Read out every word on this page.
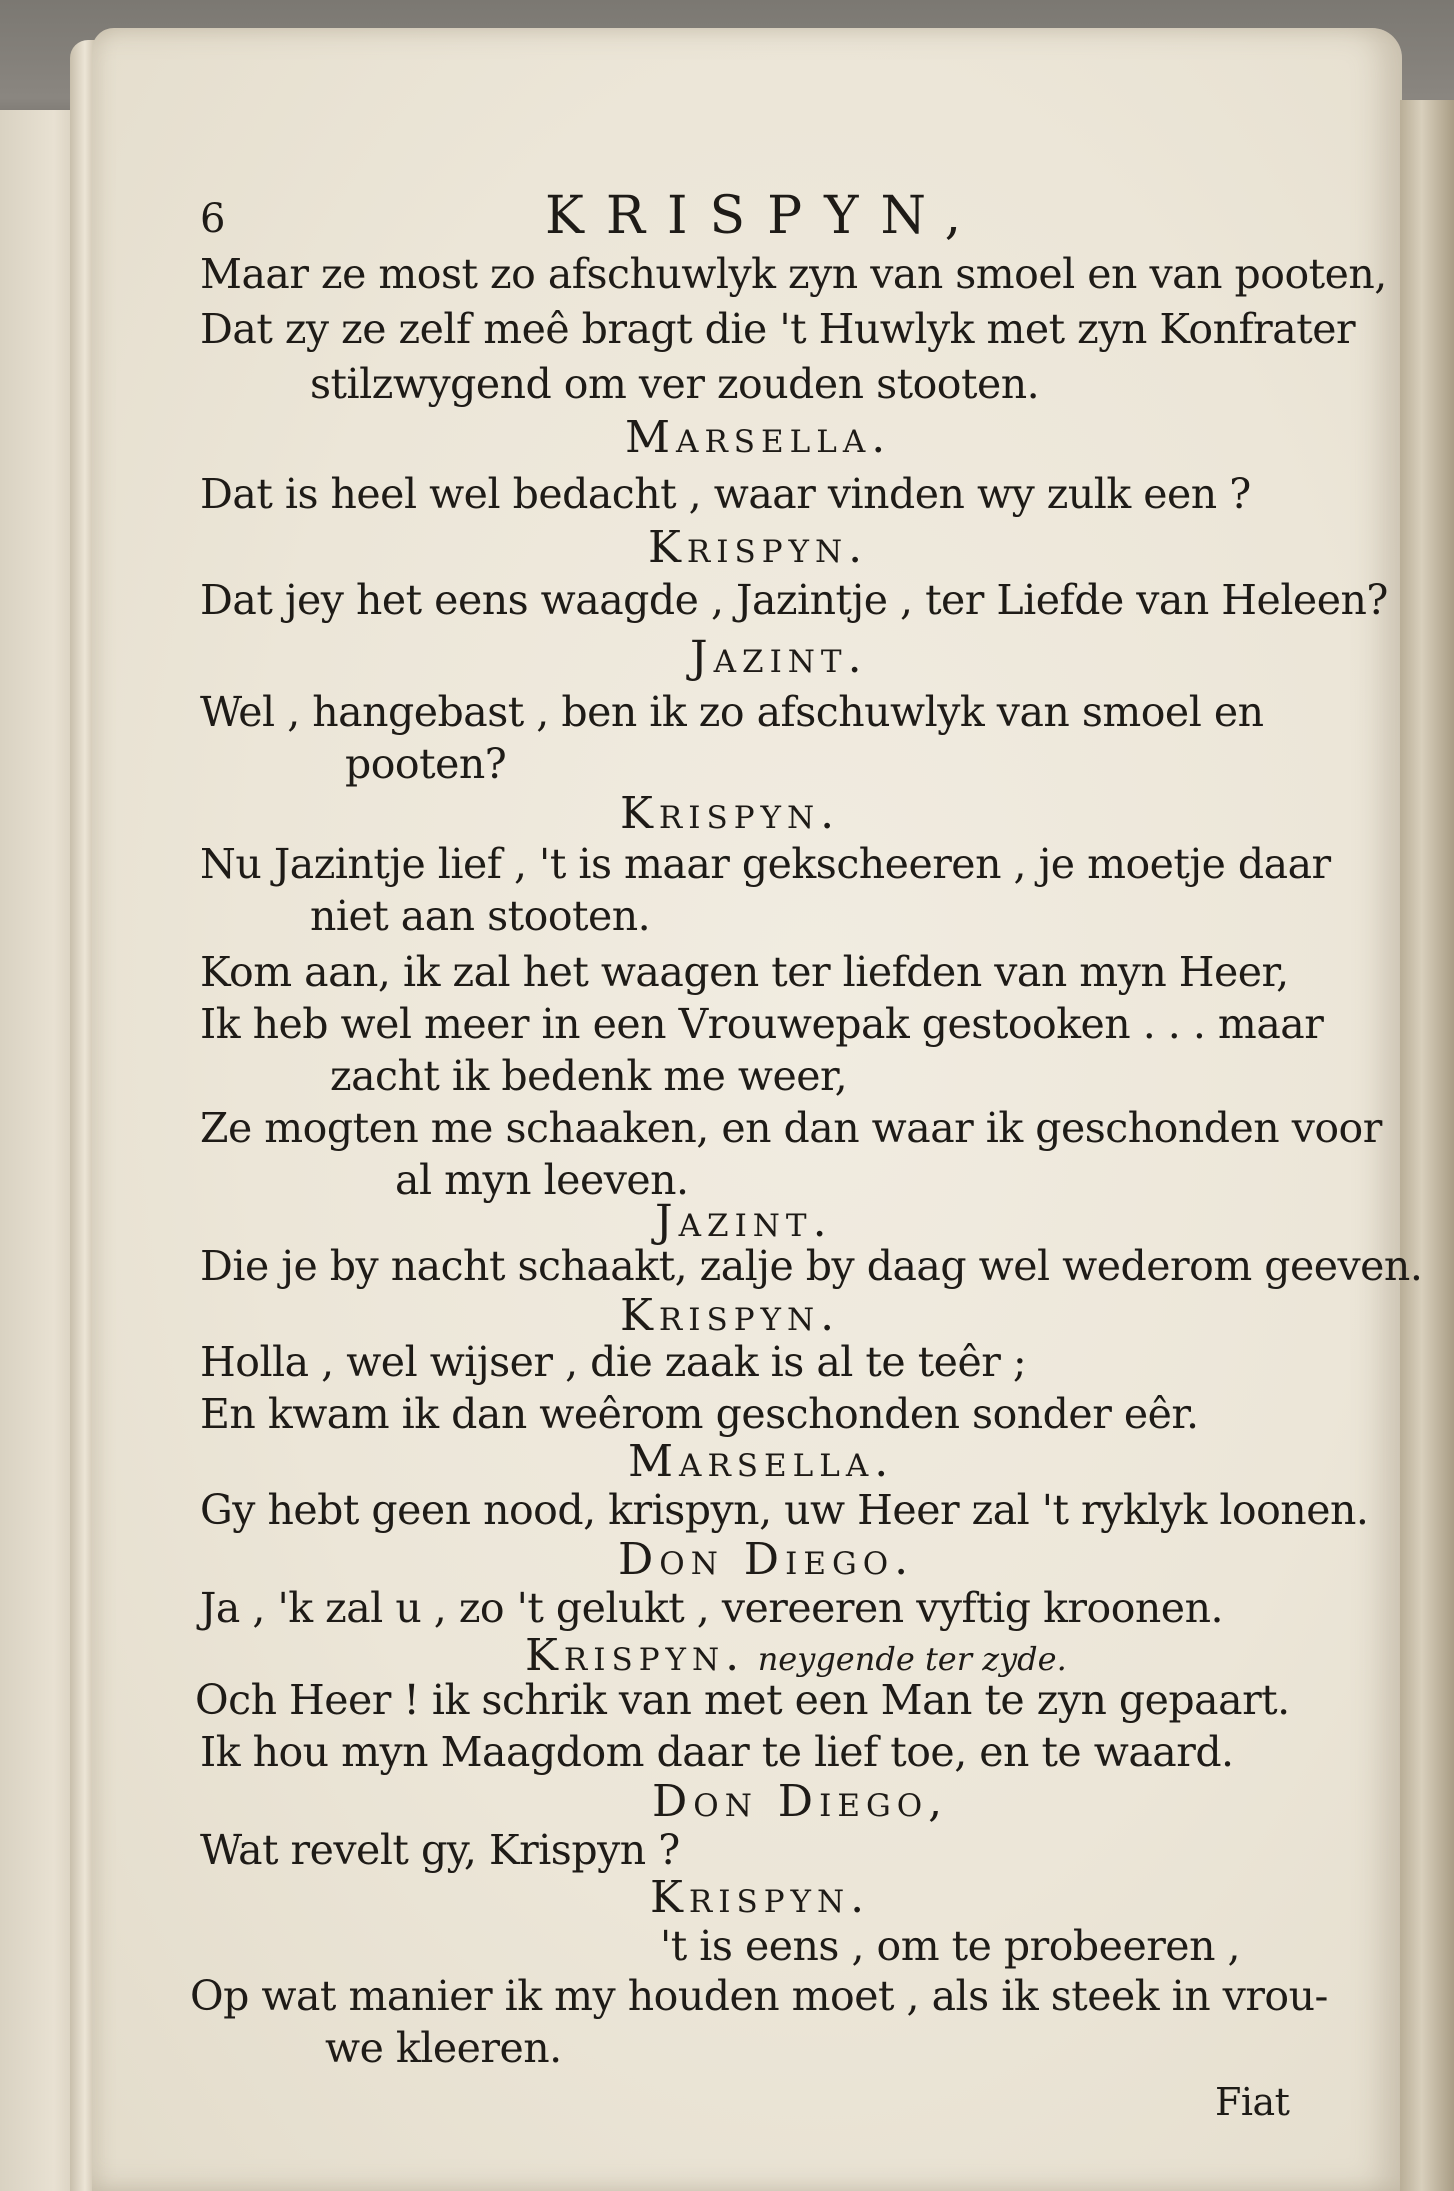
6	KRISPYN,
Maar ze most zo afschuwlyk zyn van smoel en van pooten,
Dat zy ze zelf meê bragt die 't Huwlyk met zyn Konfrater
stilzwygend om ver zouden stooten.
Marsella.
Dat is heel wel bedacht , waar vinden wy zulk een ?
Krispyn.
Dat jey het eens waagde , Jazintje , ter Liefde van Heleen?
Jazint.
Wel , hangebast , ben ik zo afschuwlyk van smoel en
pooten?
Krispyn.
Nu Jazintje lief , 't is maar gekscheeren , je moetje daar
niet aan stooten.
Kom aan, ik zal het waagen ter liefden van myn Heer,
Ik heb wel meer in een Vrouwepak gestooken . . . maar
zacht ik bedenk me weer,
Ze mogten me schaaken, en dan waar ik geschonden voor
al myn leeven.
Jazint.
Die je by nacht schaakt, zalje by daag wel wederom geeven.
Krispyn.
Holla , wel wijser , die zaak is al te teêr ;
En kwam ik dan weêrom geschonden sonder eêr.
Marsella.
Gy hebt geen nood, krispyn, uw Heer zal 't ryklyk loonen.
Don Diego.
Ja , 'k zal u , zo 't gelukt , vereeren vyftig kroonen.
Krispyn. neygende ter zyde.
Och Heer ! ik schrik van met een Man te zyn gepaart.
Ik hou myn Maagdom daar te lief toe, en te waard.
Don Diego,
Wat revelt gy, Krispyn ?
Krispyn.
't is eens , om te probeeren ,
Op wat manier ik my houden moet , als ik steek in vrou-
we kleeren.
Fiat
